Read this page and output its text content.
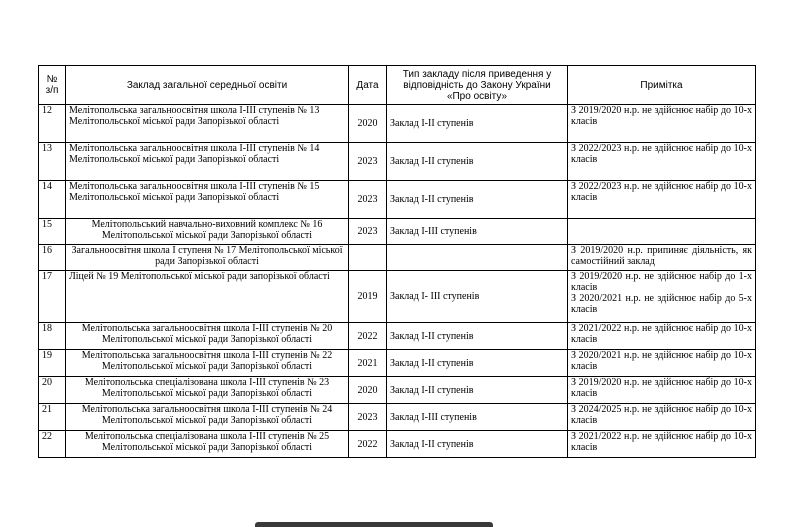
№
з/п	Заклад загальної середньої освіти	Дата	Тип закладу після приведення у відповідність до Закону України «Про освіту»	Примітка
12	Мелітопольська загальноосвітня школа І-ІІІ ступенів № 13 Мелітопольської міської ради Запорізької області	2020	Заклад І-ІІ ступенів	З 2019/2020 н.р. не здійснює набір до 10-х класів

13	Мелітопольська загальноосвітня школа І-ІІІ ступенів № 14 Мелітопольської міської ради Запорізької області	2023	Заклад І-ІІ ступенів	З 2022/2023 н.р. не здійснює набір до 10-х класів

14	Мелітопольська загальноосвітня школа І-ІІІ ступенів № 15 Мелітопольської міської ради Запорізької області	2023	Заклад І-ІІ ступенів	З 2022/2023 н.р. не здійснює набір до 10-х класів

15	Мелітопольський навчально-виховний комплекс № 16 Мелітопольської міської ради Запорізької області	2023	Заклад І-ІІІ ступенів	
16	Загальноосвітня школа І ступеня № 17 Мелітопольської міської ради Запорізької області			З 2019/2020 н.р. припиняє діяльність, як самостійний заклад

17	Ліцей № 19 Мелітопольської міської ради запорізької області	2019	Заклад І- ІІІ ступенів	З 2019/2020 н.р. не здійснює набір до 1-х класів

З 2020/2021 н.р. не здійснює набір до 5-х класів

18	Мелітопольська загальноосвітня школа І-ІІІ ступенів № 20 Мелітопольської міської ради Запорізької області	2022	Заклад І-ІІ ступенів	З 2021/2022 н.р. не здійснює набір до 10-х класів

19	Мелітопольська загальноосвітня школа І-ІІІ ступенів № 22 Мелітопольської міської ради Запорізької області	2021	Заклад І-ІІ ступенів	З 2020/2021 н.р. не здійснює набір до 10-х класів

20	Мелітопольська спеціалізована школа І-ІІІ ступенів № 23 Мелітопольської міської ради Запорізької області	2020	Заклад І-ІІ ступенів	З 2019/2020 н.р. не здійснює набір до 10-х класів

21	Мелітопольська загальноосвітня школа І-ІІІ ступенів № 24 Мелітопольської міської ради Запорізької області	2023	Заклад І-ІІІ ступенів	З 2024/2025 н.р. не здійснює набір до 10-х класів

22	Мелітопольська спеціалізована школа І-ІІІ ступенів № 25 Мелітопольської міської ради Запорізької області	2022	Заклад І-ІІ ступенів	З 2021/2022 н.р. не здійснює набір до 10-х класів
